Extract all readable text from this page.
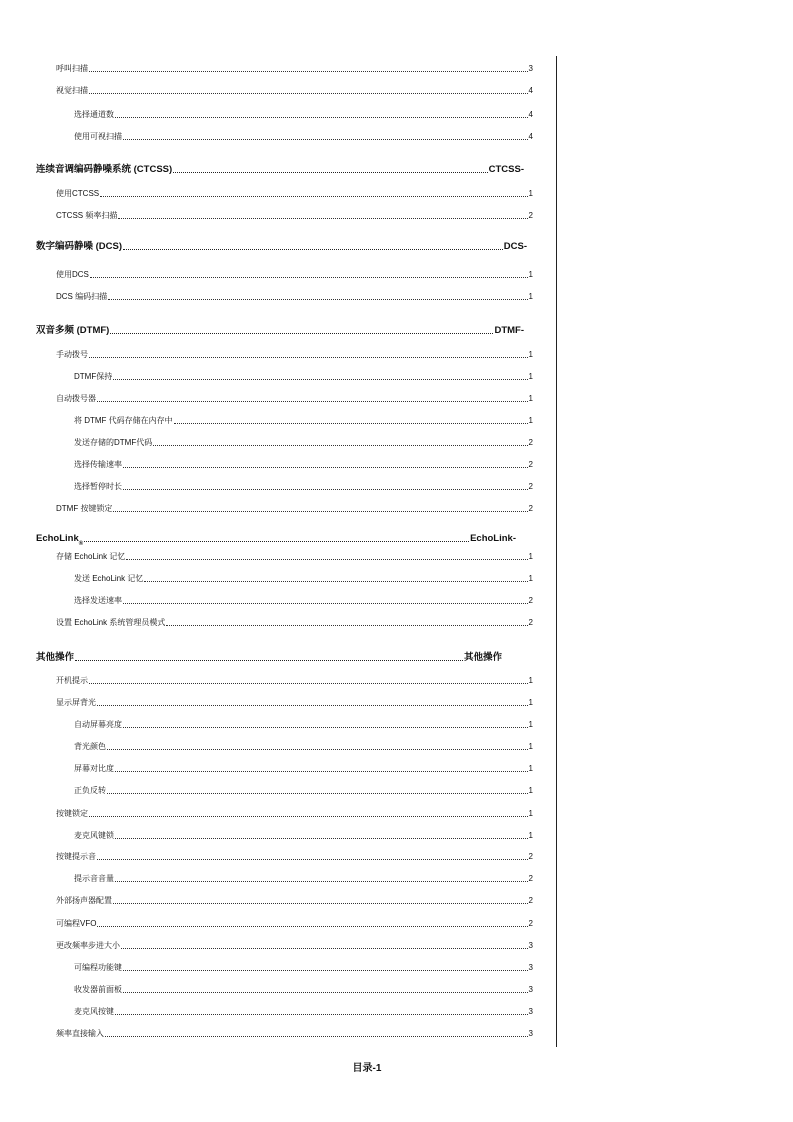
呼叫扫描	3
视觉扫描	4
选择通道数	4
使用可视扫描	4
连续音调编码静噪系统 (CTCSS)	CTCSS-
使用CTCSS	1
CTCSS 频率扫描	2
数字编码静噪 (DCS)	DCS-
使用DCS	1
DCS 编码扫描	1
双音多频 (DTMF)	DTMF-
手动拨号	1
DTMF保持	1
自动拨号器	1
将 DTMF 代码存储在内存中	1
发送存储的DTMF代码	2
选择传输速率	2
选择暂停时长	2
DTMF 按键锁定	2
EchoLink ®	EchoLink-
存储 EchoLink 记忆	1
发送 EchoLink 记忆	1
选择发送速率	2
设置 EchoLink 系统管理员模式	2
其他操作	其他操作
开机提示	1
显示屏背光	1
自动屏幕亮度	1
背光颜色	1
屏幕对比度	1
正负反转	1
按键锁定	1
麦克风键锁	1
按键提示音	2
提示音音量	2
外部扬声器配置	2
可编程VFO	2
更改频率步进大小	3
可编程功能键	3
收发器前面板	3
麦克风按键	3
频率直接输入	3
目录-1
